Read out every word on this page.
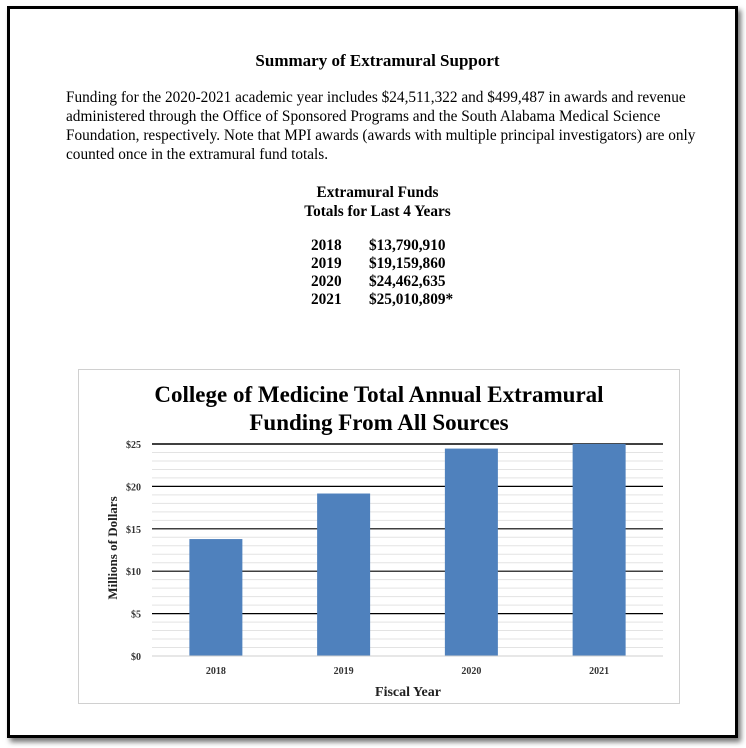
Summary of Extramural Support
Funding for the 2020-2021 academic year includes $24,511,322 and $499,487 in awards and revenue administered through the Office of Sponsored Programs and the South Alabama Medical Science Foundation, respectively. Note that MPI awards (awards with multiple principal investigators) are only counted once in the extramural fund totals.
Extramural Funds
Totals for Last 4 Years
2018	$13,790,910
2019	$19,159,860
2020	$24,462,635
2021	$25,010,809*
$0
$5
$10
$15
$20
$25
2018	2019	2020	2021
College of Medicine Total Annual Extramural
Funding From All Sources
Fiscal Year
Millions of Dollars
